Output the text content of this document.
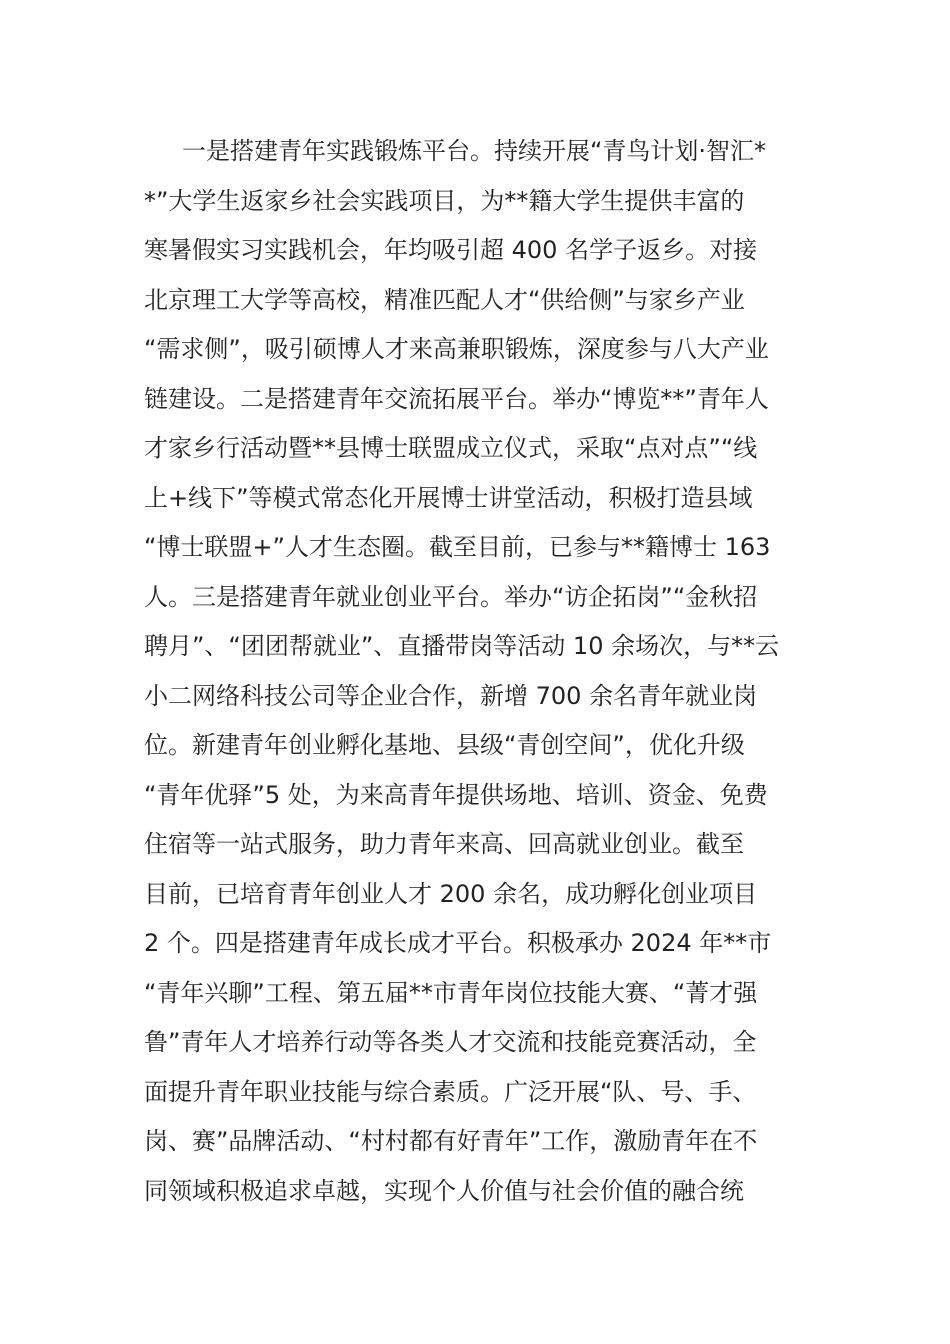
一是搭建青年实践锻炼平台。持续开展“青鸟计划·智汇*
*”大学生返家乡社会实践项目，为**籍大学生提供丰富的
寒暑假实习实践机会，年均吸引超 400 名学子返乡。对接
北京理工大学等高校，精准匹配人才“供给侧”与家乡产业
“需求侧”，吸引硕博人才来高兼职锻炼，深度参与八大产业
链建设。二是搭建青年交流拓展平台。举办“博览**”青年人
才家乡行活动暨**县博士联盟成立仪式，采取“点对点”“线
上+线下”等模式常态化开展博士讲堂活动，积极打造县域
“博士联盟+”人才生态圈。截至目前，已参与**籍博士 163
人。三是搭建青年就业创业平台。举办“访企拓岗”“金秋招
聘月”、“团团帮就业”、直播带岗等活动 10 余场次，与**云
小二网络科技公司等企业合作，新增 700 余名青年就业岗
位。新建青年创业孵化基地、县级“青创空间”，优化升级
“青年优驿”5 处，为来高青年提供场地、培训、资金、免费
住宿等一站式服务，助力青年来高、回高就业创业。截至
目前，已培育青年创业人才 200 余名，成功孵化创业项目
2 个。四是搭建青年成长成才平台。积极承办 2024 年**市
“青年兴聊”工程、第五届**市青年岗位技能大赛、“菁才强
鲁”青年人才培养行动等各类人才交流和技能竞赛活动，全
面提升青年职业技能与综合素质。广泛开展“队、号、手、
岗、赛”品牌活动、“村村都有好青年”工作，激励青年在不
同领域积极追求卓越，实现个人价值与社会价值的融合统
